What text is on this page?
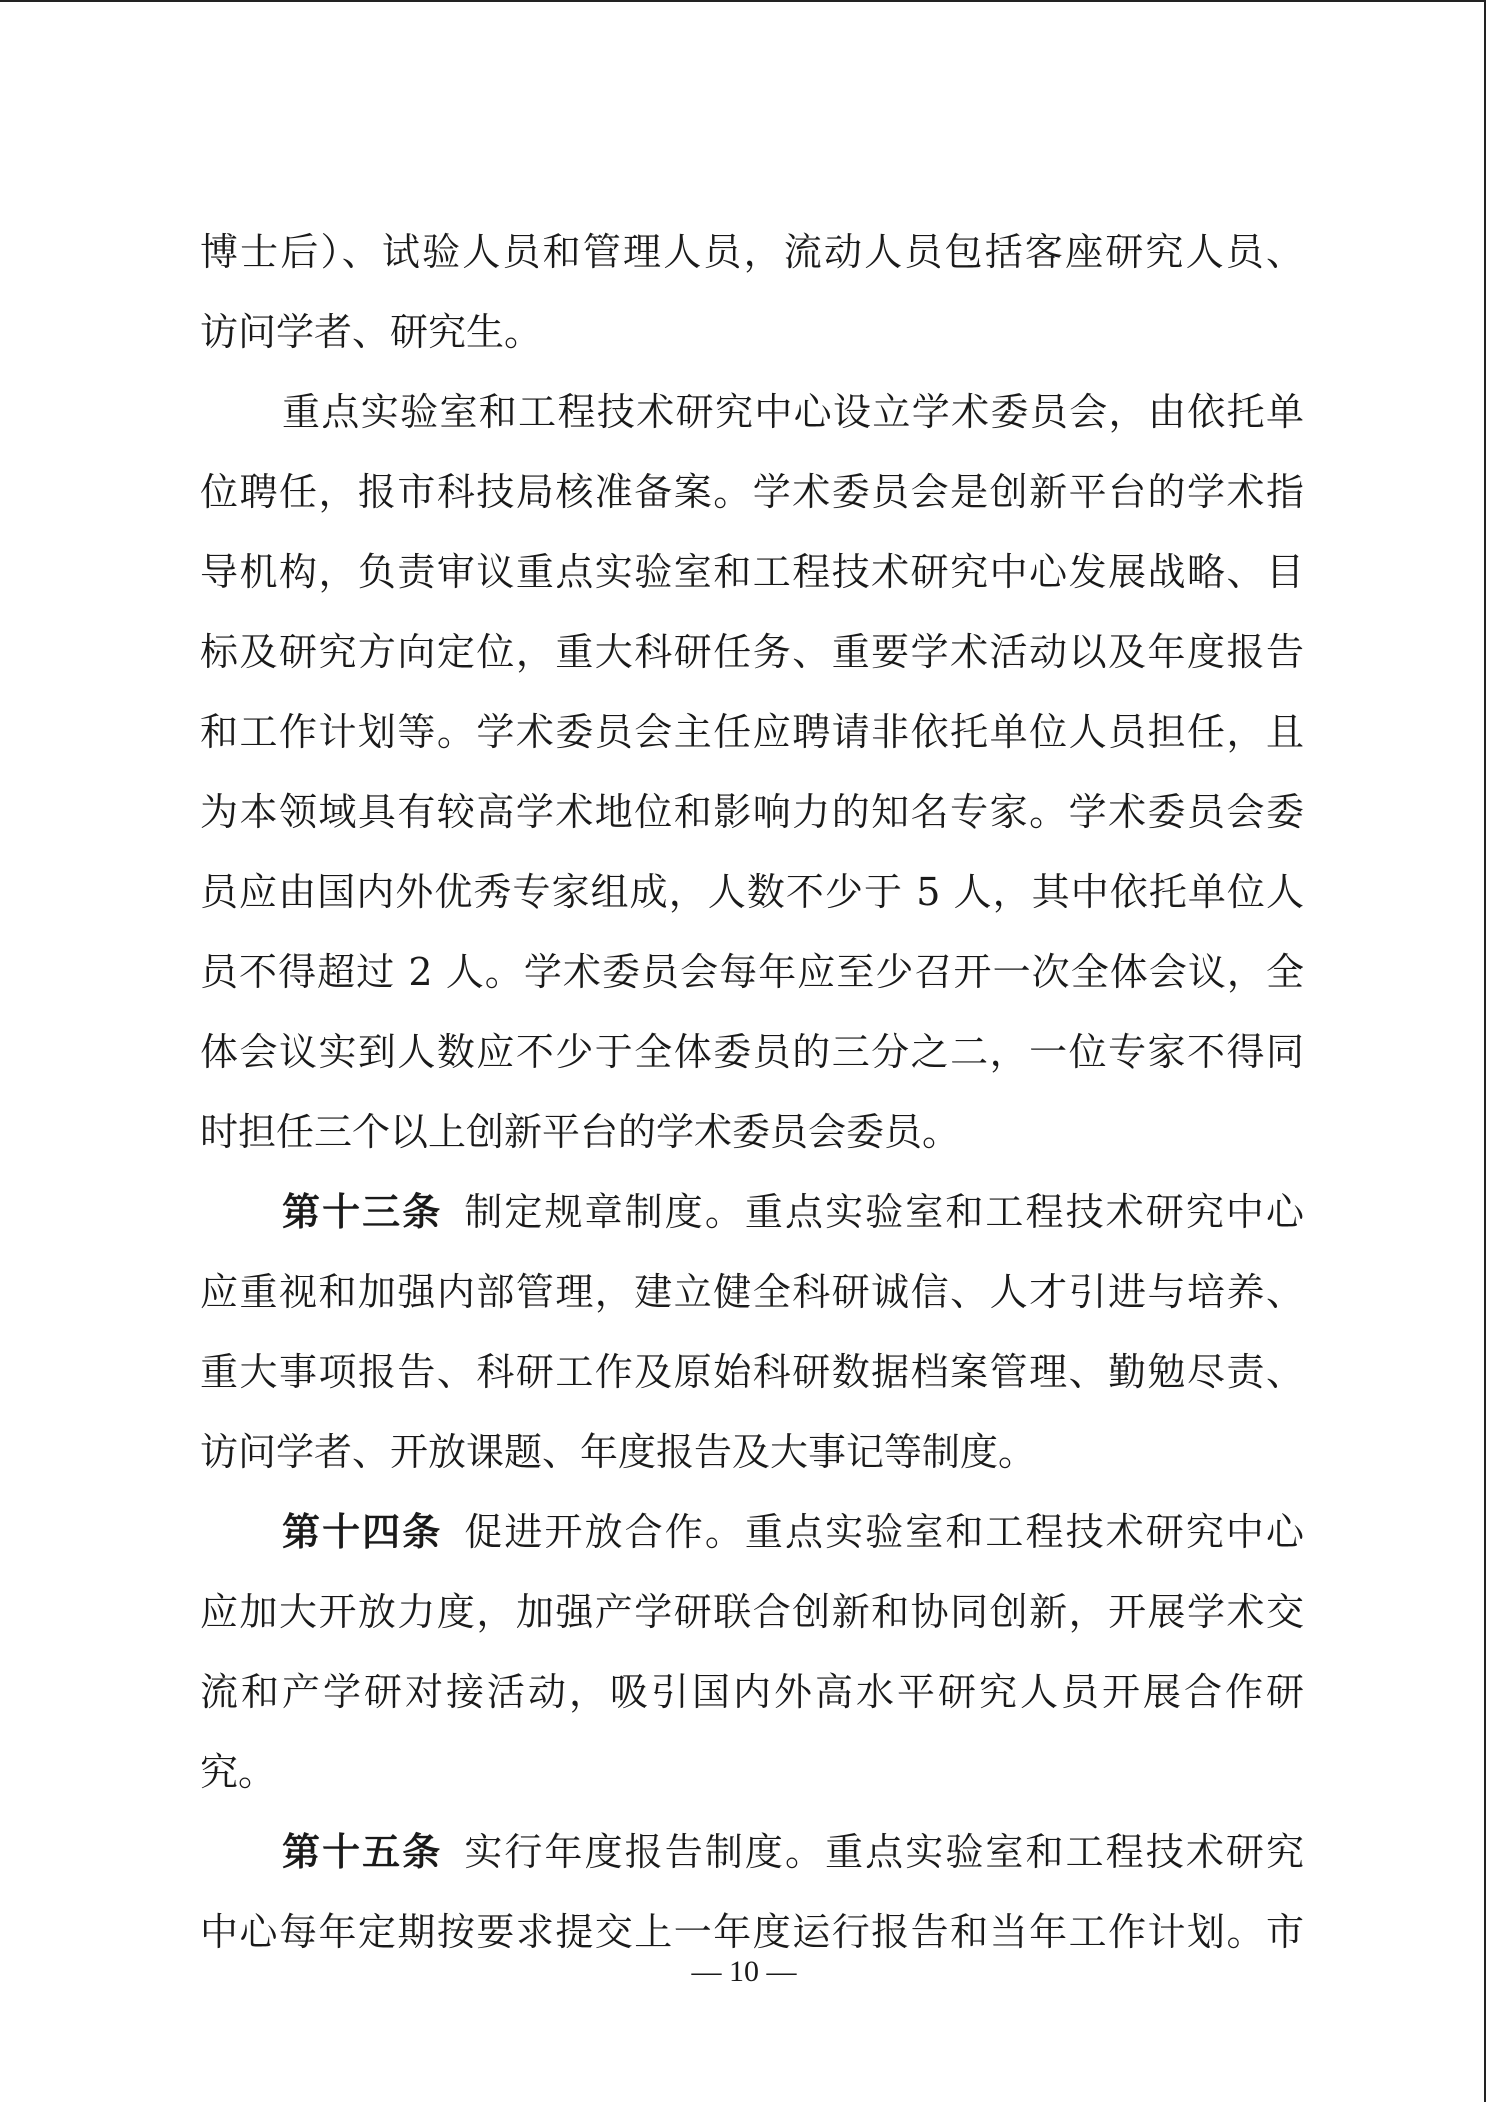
博士后）、试验人员和管理人员，流动人员包括客座研究人员、
访问学者、研究生。
重点实验室和工程技术研究中心设立学术委员会，由依托单
位聘任，报市科技局核准备案。学术委员会是创新平台的学术指
导机构，负责审议重点实验室和工程技术研究中心发展战略、目
标及研究方向定位，重大科研任务、重要学术活动以及年度报告
和工作计划等。学术委员会主任应聘请非依托单位人员担任，且
为本领域具有较高学术地位和影响力的知名专家。学术委员会委
员应由国内外优秀专家组成，人数不少于 5 人，其中依托单位人
员不得超过 2 人。学术委员会每年应至少召开一次全体会议，全
体会议实到人数应不少于全体委员的三分之二，一位专家不得同
时担任三个以上创新平台的学术委员会委员。
第十三条 制定规章制度。重点实验室和工程技术研究中心
应重视和加强内部管理，建立健全科研诚信、人才引进与培养、
重大事项报告、科研工作及原始科研数据档案管理、勤勉尽责、
访问学者、开放课题、年度报告及大事记等制度。
第十四条 促进开放合作。重点实验室和工程技术研究中心
应加大开放力度，加强产学研联合创新和协同创新，开展学术交
流和产学研对接活动，吸引国内外高水平研究人员开展合作研
究。
第十五条 实行年度报告制度。重点实验室和工程技术研究
中心每年定期按要求提交上一年度运行报告和当年工作计划。市
— 10 —
